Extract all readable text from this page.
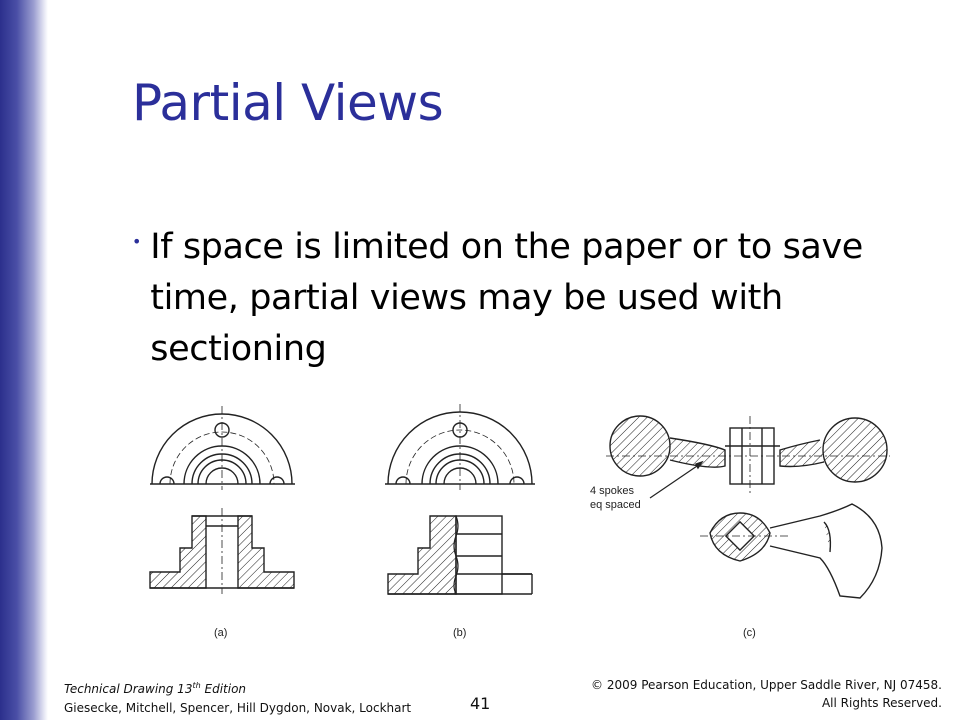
Partial Views
• If space is limited on the paper or to save time, partial views may be used with sectioning
4 spokes
eq spaced
(a)	(b)	(c)
Technical Drawing 13th Edition
Giesecke, Mitchell, Spencer, Hill Dygdon, Novak, Lockhart	41
© 2009 Pearson Education, Upper Saddle River, NJ 07458.
All Rights Reserved.
